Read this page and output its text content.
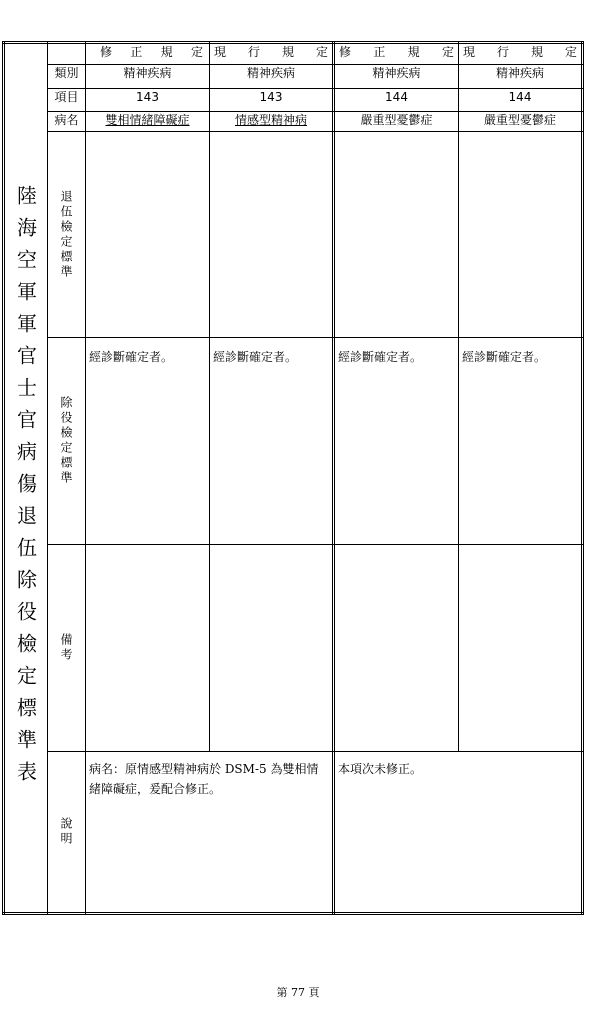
陸海空軍軍官士官病傷退伍除役檢定標準表
類別
項目
病名
退伍檢定標準
除役檢定標準
備考
說明
修 正 規 定
精神疾病
143
雙相情緒障礙症
經診斷確定者。
現 行 規 定
精神疾病
143
情感型精神病
經診斷確定者。
修 正 規 定
精神疾病
144
嚴重型憂鬱症
經診斷確定者。
現 行 規 定
精神疾病
144
嚴重型憂鬱症
經診斷確定者。
病名：原情感型精神病於 DSM-5 為雙相情緒障礙症，爰配合修正。
本項次未修正。
第 77 頁
